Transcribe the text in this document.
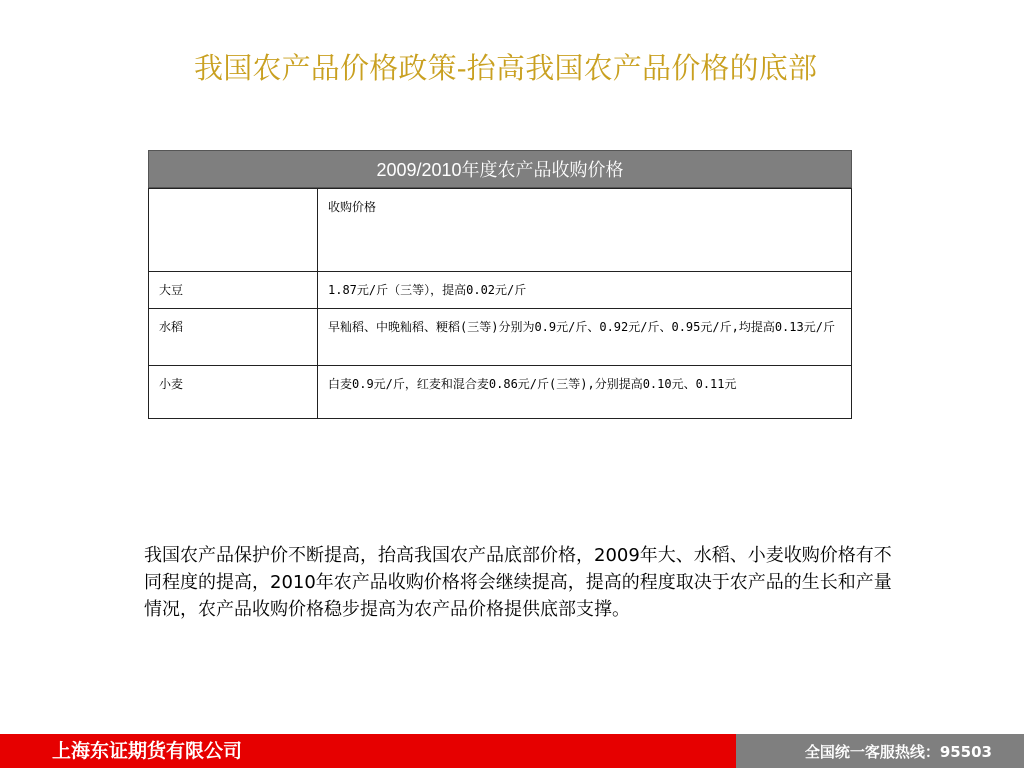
我国农产品价格政策-抬高我国农产品价格的底部
2009/2010年度农产品收购价格
	收购价格
大豆	1.87元/斤（三等），提高0.02元/斤
水稻	早籼稻、中晚籼稻、粳稻(三等)分别为0.9元/斤、0.92元/斤、0.95元/斤,均提高0.13元/斤
小麦	白麦0.9元/斤，红麦和混合麦0.86元/斤(三等),分别提高0.10元、0.11元
我国农产品保护价不断提高，抬高我国农产品底部价格，2009年大、水稻、小麦收购价格有不同程度的提高，2010年农产品收购价格将会继续提高，提高的程度取决于农产品的生长和产量情况，农产品收购价格稳步提高为农产品价格提供底部支撑。
上海东证期货有限公司	全国统一客服热线：95503
